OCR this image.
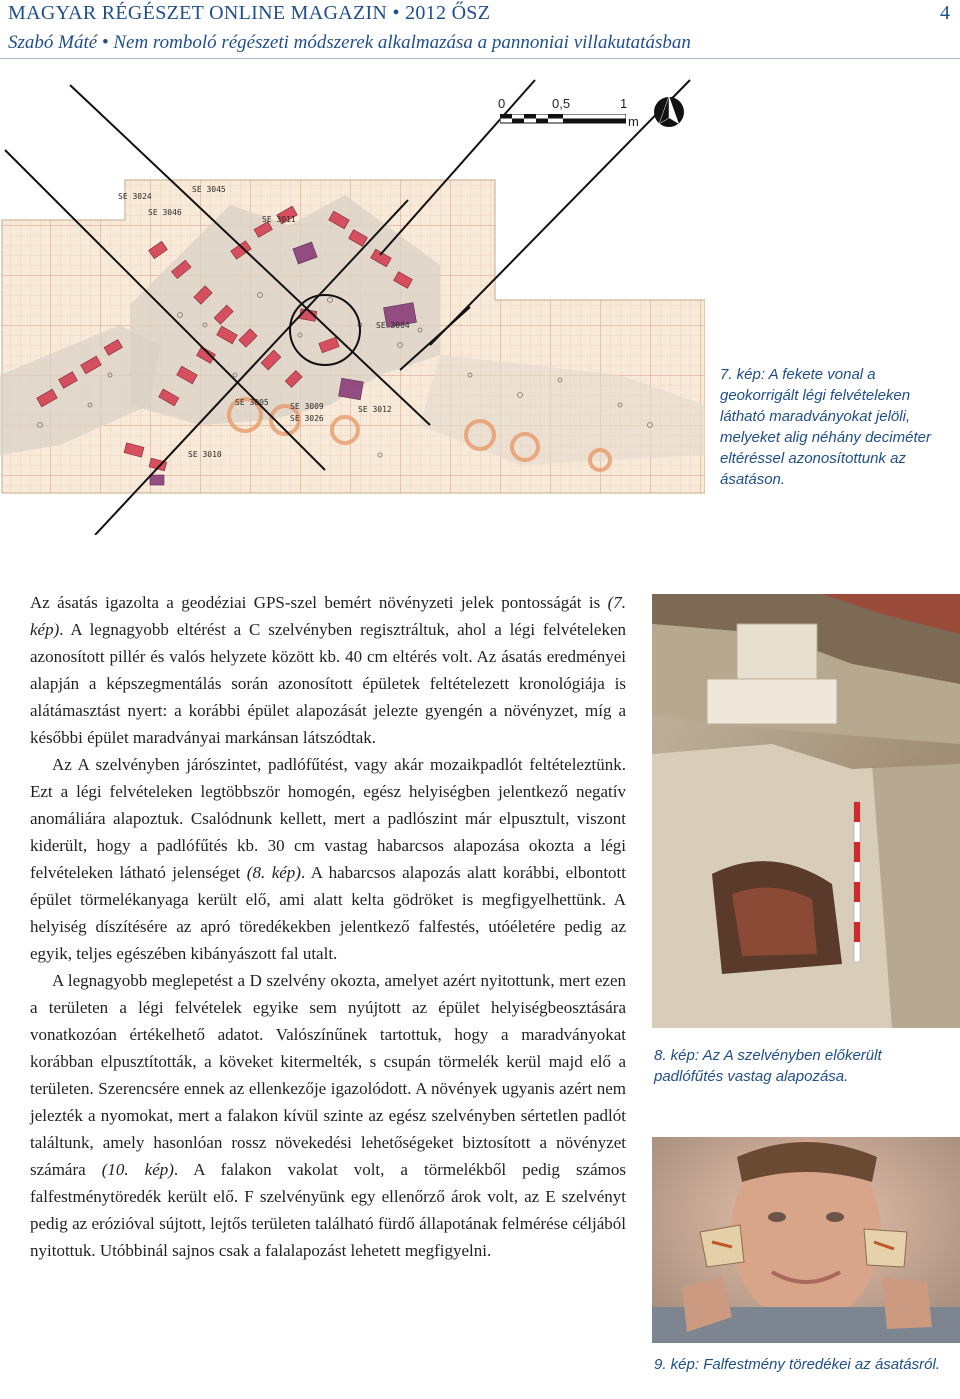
MAGYAR RÉGÉSZET ONLINE MAGAZIN • 2012 ŐSZ	4
Szabó Máté • Nem romboló régészeti módszerek alkalmazása a pannoniai villakutatásban
SE 3024
SE 3045
SE 3046
SE 3011
SE 3004
SE 3005	SE 3009
SE 3026
SE 3012
SE 3010
0	0,5	1
m
7. kép: A fekete vonal a geokorrigált légi felvételeken látható maradványokat jelöli, melyeket alig néhány deciméter eltéréssel azonosítottunk az ásatáson.
8. kép: Az A szelvényben előkerült padlófűtés vastag alapozása.
9. kép: Falfestmény töredékei az ásatásról.

Az ásatás igazolta a geodéziai GPS-szel bemért növényzeti jelek pontosságát is (7. kép). A legnagyobb eltérést a C szelvényben regisztráltuk, ahol a légi felvételeken azonosított pillér és valós helyzete között kb. 40 cm eltérés volt. Az ásatás eredményei alapján a képszegmentálás során azonosított épületek feltételezett kronológiája is alátámasztást nyert: a korábbi épület alapozását jelezte gyengén a növényzet, míg a későbbi épület maradványai markánsan látszódtak.

Az A szelvényben járószintet, padlófűtést, vagy akár mozaikpadlót feltételeztünk. Ezt a légi felvételeken legtöbbször homogén, egész helyiségben jelentkező negatív anomáliára alapoztuk. Csalódnunk kellett, mert a padlószint már elpusztult, viszont kiderült, hogy a padlófűtés kb. 30 cm vastag habarcsos alapozása okozta a légi felvételeken látható jelenséget (8. kép). A habarcsos alapozás alatt korábbi, elbontott épület törmelékanyaga került elő, ami alatt kelta gödröket is megfigyelhettünk. A helyiség díszítésére az apró töredékekben jelentkező falfestés, utóéletére pedig az egyik, teljes egészében kibányászott fal utalt.

A legnagyobb meglepetést a D szelvény okozta, amelyet azért nyitottunk, mert ezen a területen a légi felvételek egyike sem nyújtott az épület helyiségbeosztására vonatkozóan értékelhető adatot. Valószínűnek tartottuk, hogy a maradványokat korábban elpusztították, a köveket kitermelték, s csupán törmelék kerül majd elő a területen. Szerencsére ennek az ellenkezője igazolódott. A növények ugyanis azért nem jelezték a nyomokat, mert a falakon kívül szinte az egész szelvényben sértetlen padlót találtunk, amely hasonlóan rossz növekedési lehetőségeket biztosított a növényzet számára (10. kép). A falakon vakolat volt, a törmelékből pedig számos falfestménytöredék került elő. F szelvényünk egy ellenőrző árok volt, az E szelvényt pedig az erózióval sújtott, lejtős területen található fürdő állapotának felmérése céljából nyitottuk. Utóbbinál sajnos csak a falalapozást lehetett megfigyelni.
